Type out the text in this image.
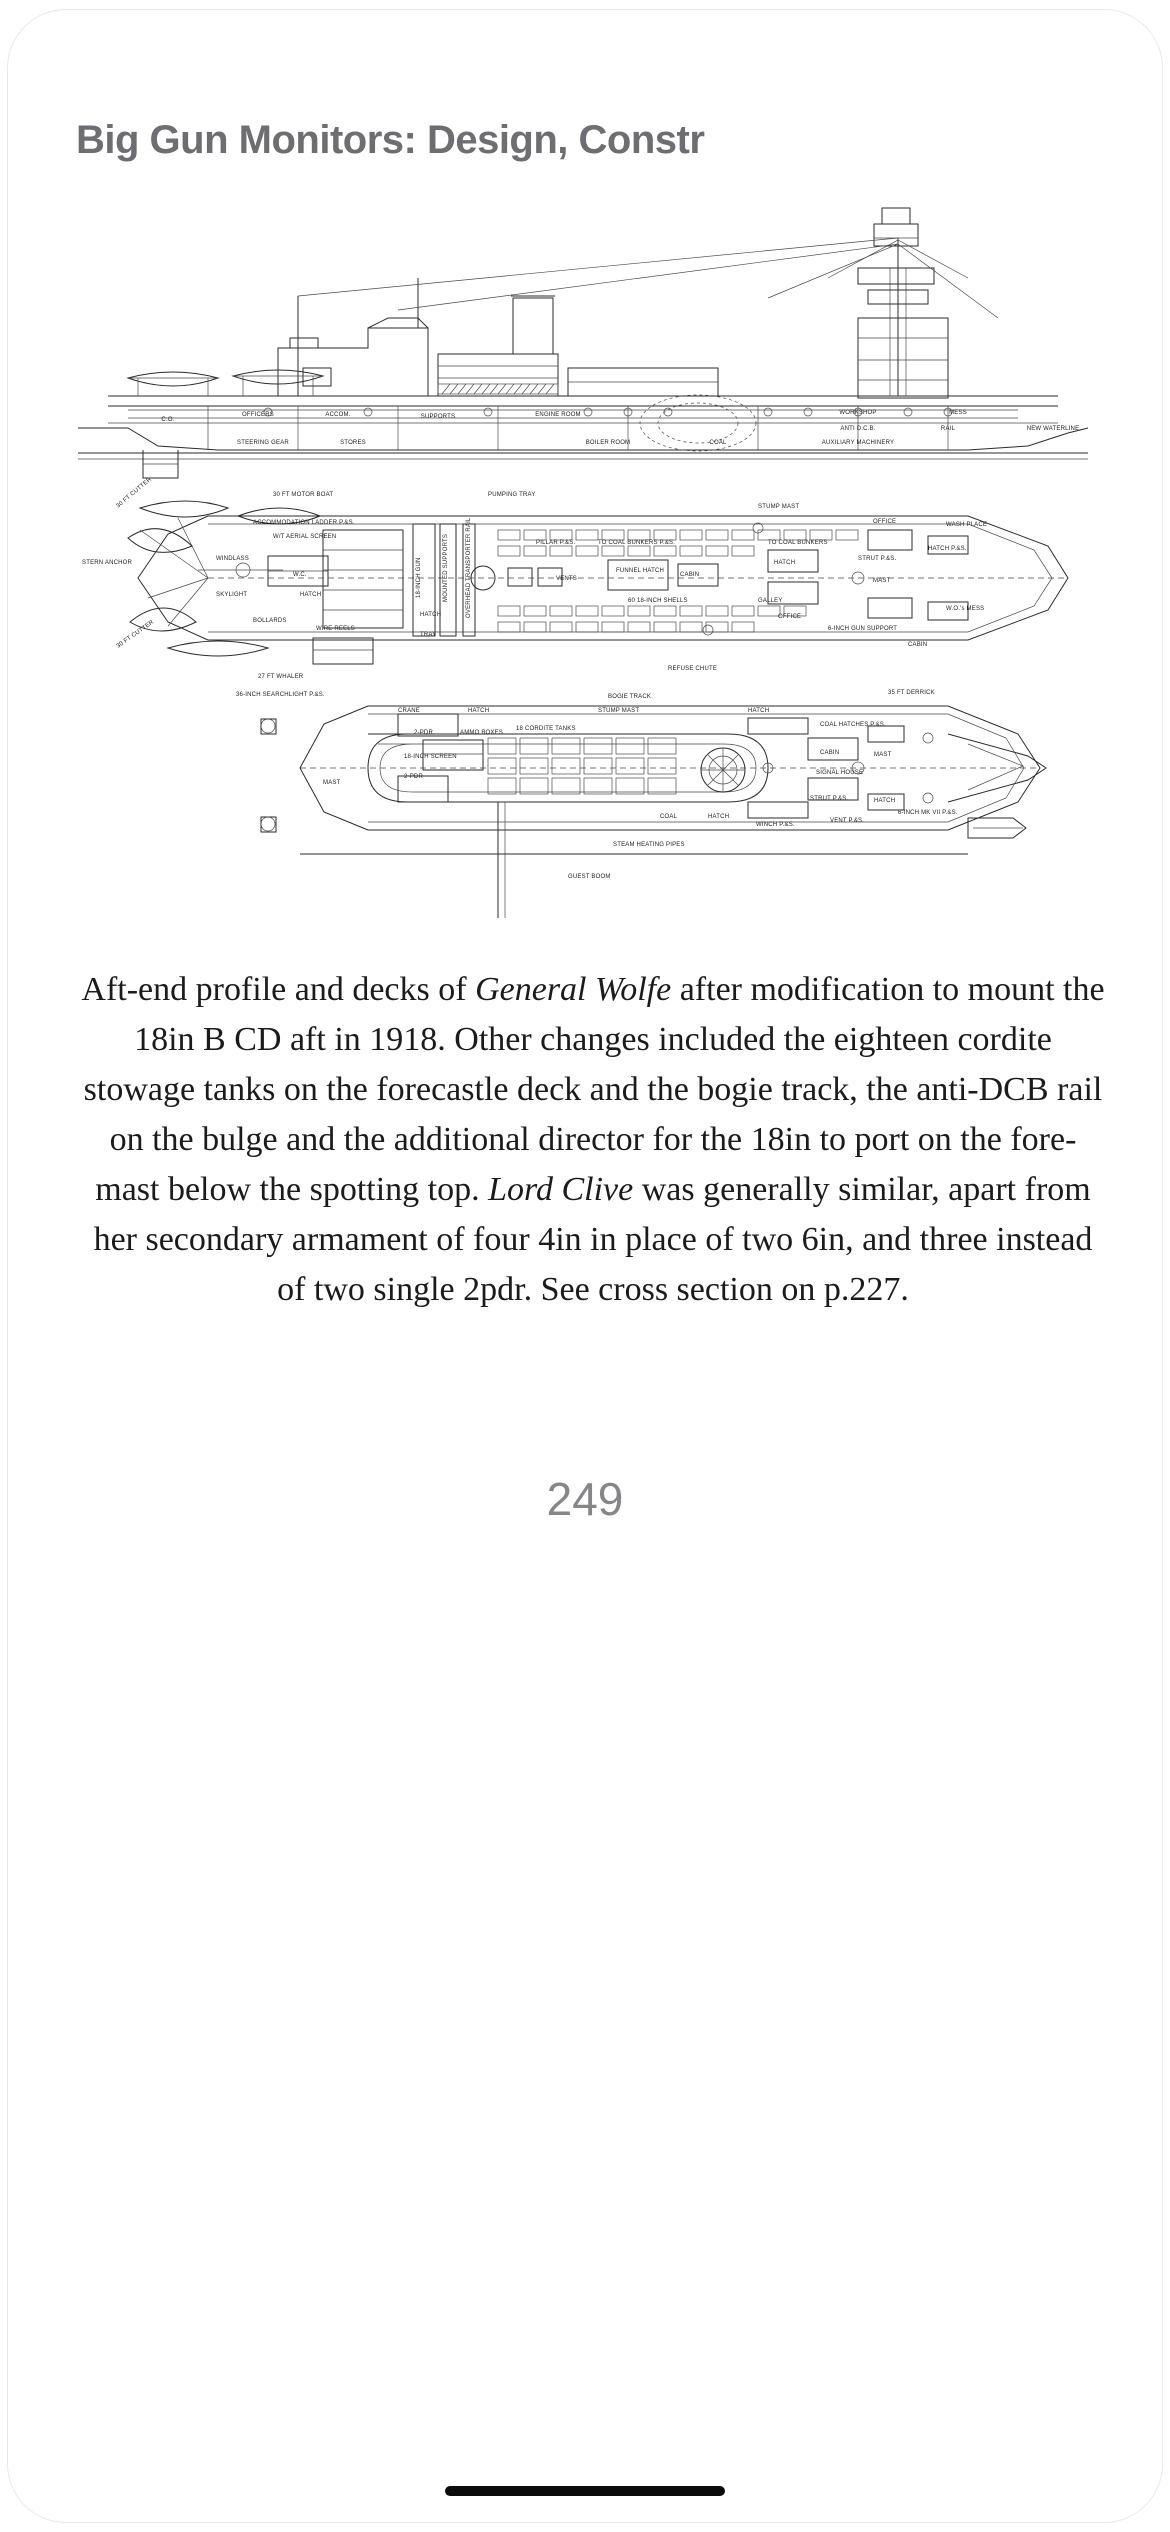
Big Gun Monitors: Design, Constr
C.O.
OFFICERS	ACCOM.	SUPPORTS	ENGINE ROOM	WORKSHOP	MESS
ANTI D.C.B.	RAIL	NEW WATERLINE
STEERING GEAR	STORES	BOILER ROOM	COAL	AUXILIARY MACHINERY
30 FT MOTOR BOAT	PUMPING TRAY
STUMP MAST
OFFICE	WASH PLACE
30 FT CUTTER
ACCOMMODATION LADDER P.&S.
PILLAR P.&S.	TO COAL BUNKERS P.&S.	TO COAL BUNKERS
W/T AERIAL SCREEN
STRUT P.&S.
HATCH P.&S.
STERN ANCHOR
WINDLASS
W.C.	18-INCH GUN	MOUNTED SUPPORTS	OVERHEAD TRANSPORTER RAIL	VENTS
FUNNEL HATCH
CABIN
HATCH
MAST
SKYLIGHT	HATCH
HATCH
GALLEY
OFFICE
BOLLARDS
WIRE REELS
TRAY
60 18-INCH SHELLS
6-INCH GUN SUPPORT
W.O.'s MESS
CABIN
30 FT CUTTER
27 FT WHALER
REFUSE CHUTE
36-INCH SEARCHLIGHT P.&S.	BOGIE TRACK
35 FT DERRICK
CRANE	HATCH	STUMP MAST	HATCH
COAL HATCHES P.&S.
2-PDR	AMMO BOXES
18 CORDITE TANKS
CABIN
18-INCH SCREEN	MAST
SIGNAL HOUSE
2-PDR
MAST
STRUT P.&S.	HATCH
HATCH
COAL
WINCH P.&S.
VENT P.&S.
6-INCH MK VII P.&S.
STEAM HEATING PIPES
GUEST BOOM
Aft-end profile and decks of General Wolfe after modification to mount the 18in B CD aft in 1918. Other changes included the eighteen cordite stowage tanks on the forecastle deck and the bogie track, the anti-DCB rail on the bulge and the additional director for the 18in to port on the fore-mast below the spotting top. Lord Clive was generally similar, apart from her secondary armament of four 4in in place of two 6in, and three instead of two single 2pdr. See cross section on p.227.
249
